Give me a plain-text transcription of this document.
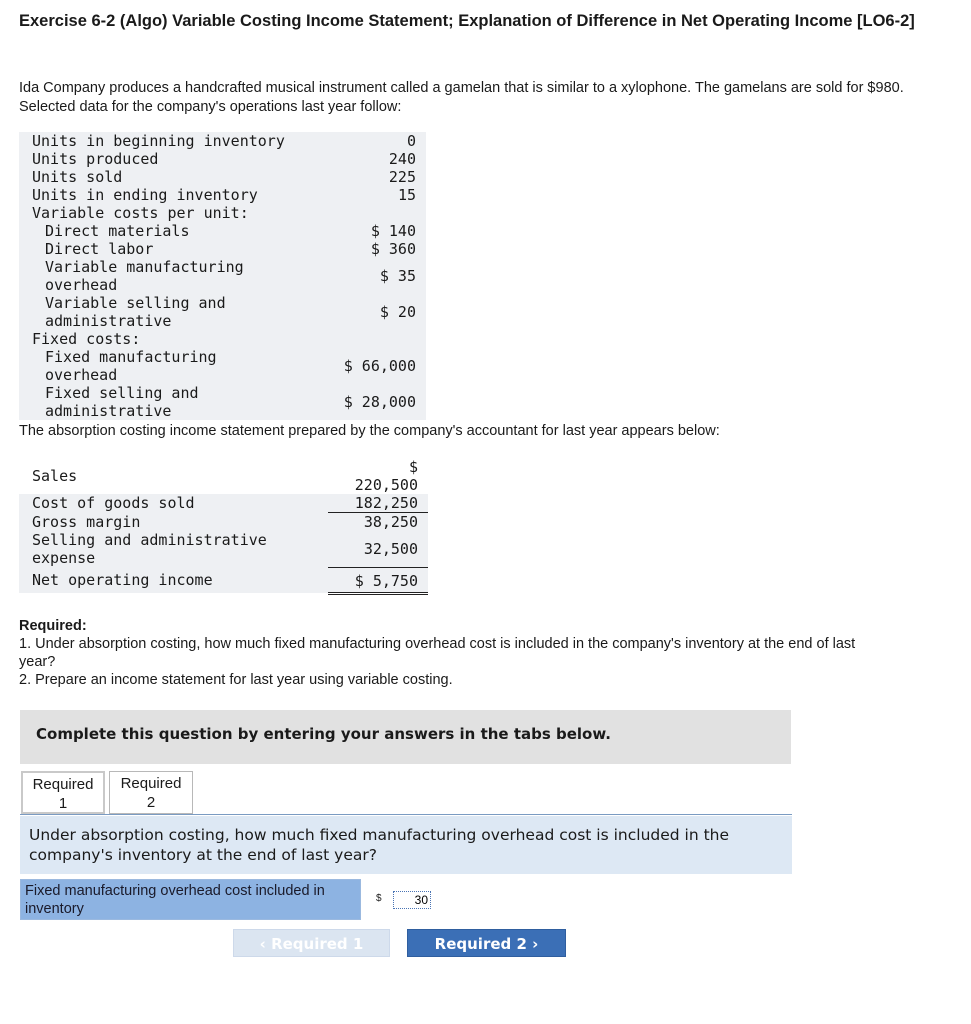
Exercise 6-2 (Algo) Variable Costing Income Statement; Explanation of Difference in Net Operating Income [LO6-2]
Ida Company produces a handcrafted musical instrument called a gamelan that is similar to a xylophone. The gamelans are sold for $980. Selected data for the company's operations last year follow:
Units in beginning inventory	0
Units produced	240
Units sold	225
Units in ending inventory	15
Variable costs per unit:	
Direct materials	$ 140
Direct labor	$ 360
Variable manufacturing overhead	$ 35
Variable selling and administrative	$ 20
Fixed costs:	
Fixed manufacturing overhead	$ 66,000
Fixed selling and administrative	$ 28,000
The absorption costing income statement prepared by the company's accountant for last year appears below:
Sales	$
220,500

Cost of goods sold	182,250
Gross margin	38,250
Selling and administrative expense	32,500
Net operating income	$ 5,750
Required:
1. Under absorption costing, how much fixed manufacturing overhead cost is included in the company's inventory at the end of last year?
2. Prepare an income statement for last year using variable costing.
Complete this question by entering your answers in the tabs below.
Required
1
Required
2
Under absorption costing, how much fixed manufacturing overhead cost is included in the company's inventory at the end of last year?
Fixed manufacturing overhead cost included in inventory
$
30
‹ Required 1	Required 2 ›
